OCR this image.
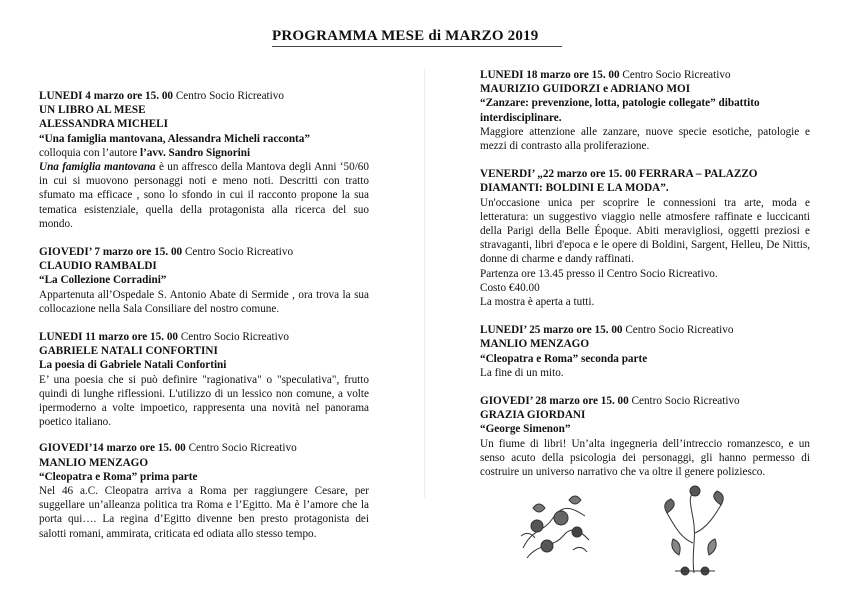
PROGRAMMA MESE di MARZO 2019
LUNEDI 4 marzo ore 15. 00 Centro Socio Ricreativo
UN LIBRO AL MESE
ALESSANDRA MICHELI
“Una famiglia mantovana, Alessandra Micheli racconta”
colloquia con l’autore l’avv. Sandro Signorini

Una famiglia mantovana è un affresco della Mantova degli Anni ‘50/60 in cui si muovono personaggi noti e meno noti. Descritti con tratto sfumato ma efficace , sono lo sfondo in cui il racconto propone la sua tematica esistenziale, quella della protagonista alla ricerca del suo mondo.

GIOVEDI’ 7 marzo ore 15. 00 Centro Socio Ricreativo
CLAUDIO RAMBALDI
“La Collezione Corradini”

Appartenuta all’Ospedale S. Antonio Abate di Sermide , ora trova la sua collocazione nella Sala Consiliare del nostro comune.

LUNEDI 11 marzo ore 15. 00 Centro Socio Ricreativo
GABRIELE NATALI CONFORTINI
La poesia di Gabriele Natali Confortini

E’ una poesia che si può definire "ragionativa" o "speculativa", frutto quindi di lunghe riflessioni. L'utilizzo di un lessico non comune, a volte ipermoderno a volte impoetico, rappresenta una novità nel panorama poetico italiano.

GIOVEDI’14 marzo ore 15. 00 Centro Socio Ricreativo
MANLIO MENZAGO
“Cleopatra e Roma” prima parte

Nel 46 a.C. Cleopatra arriva a Roma per raggiungere Cesare, per suggellare un’alleanza politica tra Roma e l’Egitto. Ma è l’amore che la porta qui…. La regina d’Egitto divenne ben presto protagonista dei salotti romani, ammirata, criticata ed odiata allo stesso tempo.

LUNEDI 18 marzo ore 15. 00 Centro Socio Ricreativo
MAURIZIO GUIDORZI e ADRIANO MOI
“Zanzare: prevenzione, lotta, patologie collegate” dibattito interdisciplinare.

Maggiore attenzione alle zanzare, nuove specie esotiche, patologie e mezzi di contrasto alla proliferazione.

VENERDI’ „22 marzo ore 15. 00 FERRARA – PALAZZO DIAMANTI: BOLDINI E LA MODA”.

Un'occasione unica per scoprire le connessioni tra arte, moda e letteratura: un suggestivo viaggio nelle atmosfere raffinate e luccicanti della Parigi della Belle Époque. Abiti meravigliosi, oggetti preziosi e stravaganti, libri d'epoca e le opere di Boldini, Sargent, Helleu, De Nittis, donne di charme e dandy raffinati.

Partenza ore 13.45 presso il Centro Socio Ricreativo.
Costo €40.00
La mostra è aperta a tutti.
LUNEDI’ 25 marzo ore 15. 00 Centro Socio Ricreativo
MANLIO MENZAGO
“Cleopatra e Roma” seconda parte

La fine di un mito.

GIOVEDI’ 28 marzo ore 15. 00 Centro Socio Ricreativo
GRAZIA GIORDANI
“George Simenon”

Un fiume di libri! Un’alta ingegneria dell’intreccio romanzesco, e un senso acuto della psicologia dei personaggi, gli hanno permesso di costruire un universo narrativo che va oltre il genere poliziesco.
